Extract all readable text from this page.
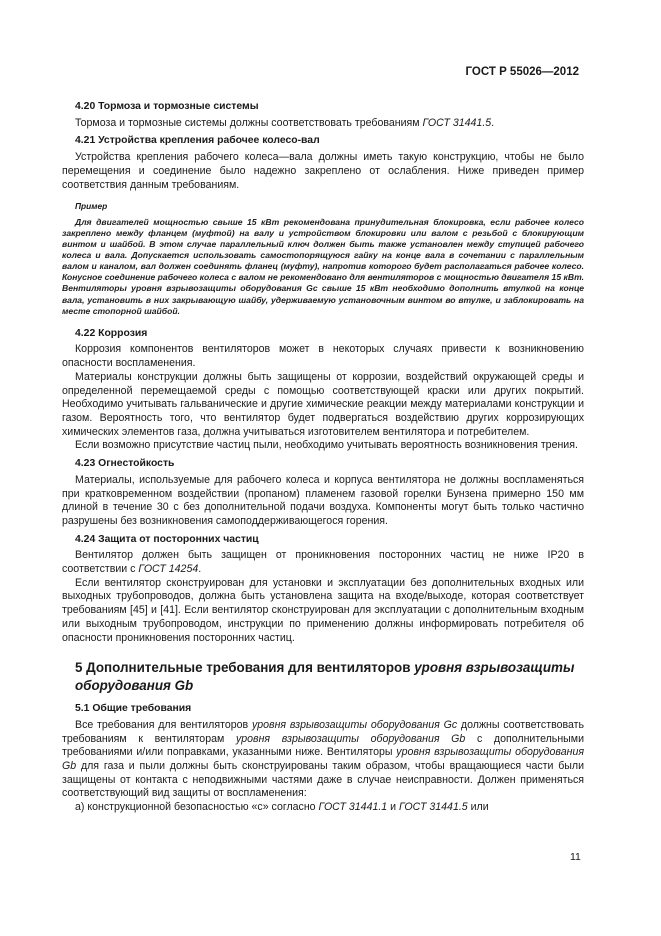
ГОСТ Р 55026—2012
4.20 Тормоза и тормозные системы

Тормоза и тормозные системы должны соответствовать требованиям ГОСТ 31441.5.

4.21 Устройства крепления рабочее колесо-вал

Устройства крепления рабочего колеса—вала должны иметь такую конструкцию, чтобы не было перемещения и соединение было надежно закреплено от ослабления. Ниже приведен пример соответствия данным требованиям.

Пример

Для двигателей мощностью свыше 15 кВт рекомендована принудительная блокировка, если рабочее колесо закреплено между фланцем (муфтой) на валу и устройством блокировки или валом с резьбой с блокирующим винтом и шайбой. В этом случае параллельный ключ должен быть также установлен между ступицей рабочего колеса и вала. Допускается использовать самостопорящуюся гайку на конце вала в сочетании с параллельным валом и каналом, вал должен соединять фланец (муфту), напротив которого будет располагаться рабочее колесо. Конусное соединение рабочего колеса с валом не рекомендовано для вентиляторов с мощностью двигателя 15 кВт. Вентиляторы уровня взрывозащиты оборудования Gc свыше 15 кВт необходимо дополнить втулкой на конце вала, установить в них закрывающую шайбу, удерживаемую установочным винтом во втулке, и заблокировать на месте стопорной шайбой.

4.22 Коррозия

Коррозия компонентов вентиляторов может в некоторых случаях привести к возникновению опасности воспламенения.

Материалы конструкции должны быть защищены от коррозии, воздействий окружающей среды и определенной перемещаемой среды с помощью соответствующей краски или других покрытий. Необходимо учитывать гальванические и другие химические реакции между материалами конструкции и газом. Вероятность того, что вентилятор будет подвергаться воздействию других коррозирующих химических элементов газа, должна учитываться изготовителем вентилятора и потребителем.

Если возможно присутствие частиц пыли, необходимо учитывать вероятность возникновения трения.

4.23 Огнестойкость

Материалы, используемые для рабочего колеса и корпуса вентилятора не должны воспламеняться при кратковременном воздействии (пропаном) пламенем газовой горелки Бунзена примерно 150 мм длиной в течение 30 с без дополнительной подачи воздуха. Компоненты могут быть только частично разрушены без возникновения самоподдерживающегося горения.

4.24 Защита от посторонних частиц

Вентилятор должен быть защищен от проникновения посторонних частиц не ниже IP20 в соответствии с ГОСТ 14254.

Если вентилятор сконструирован для установки и эксплуатации без дополнительных входных или выходных трубопроводов, должна быть установлена защита на входе/выходе, которая соответствует требованиям [45] и [41]. Если вентилятор сконструирован для эксплуатации с дополнительным входным или выходным трубопроводом, инструкции по применению должны информировать потребителя об опасности проникновения посторонних частиц.

5 Дополнительные требования для вентиляторов уровня взрывозащиты оборудования Gb
5.1 Общие требования

Все требования для вентиляторов уровня взрывозащиты оборудования Gc должны соответствовать требованиям к вентиляторам уровня взрывозащиты оборудования Gb с дополнительными требованиями и/или поправками, указанными ниже. Вентиляторы уровня взрывозащиты оборудования Gb для газа и пыли должны быть сконструированы таким образом, чтобы вращающиеся части были защищены от контакта с неподвижными частями даже в случае неисправности. Должен применяться соответствующий вид защиты от воспламенения:

а) конструкционной безопасностью «с» согласно ГОСТ 31441.1 и ГОСТ 31441.5 или

11
